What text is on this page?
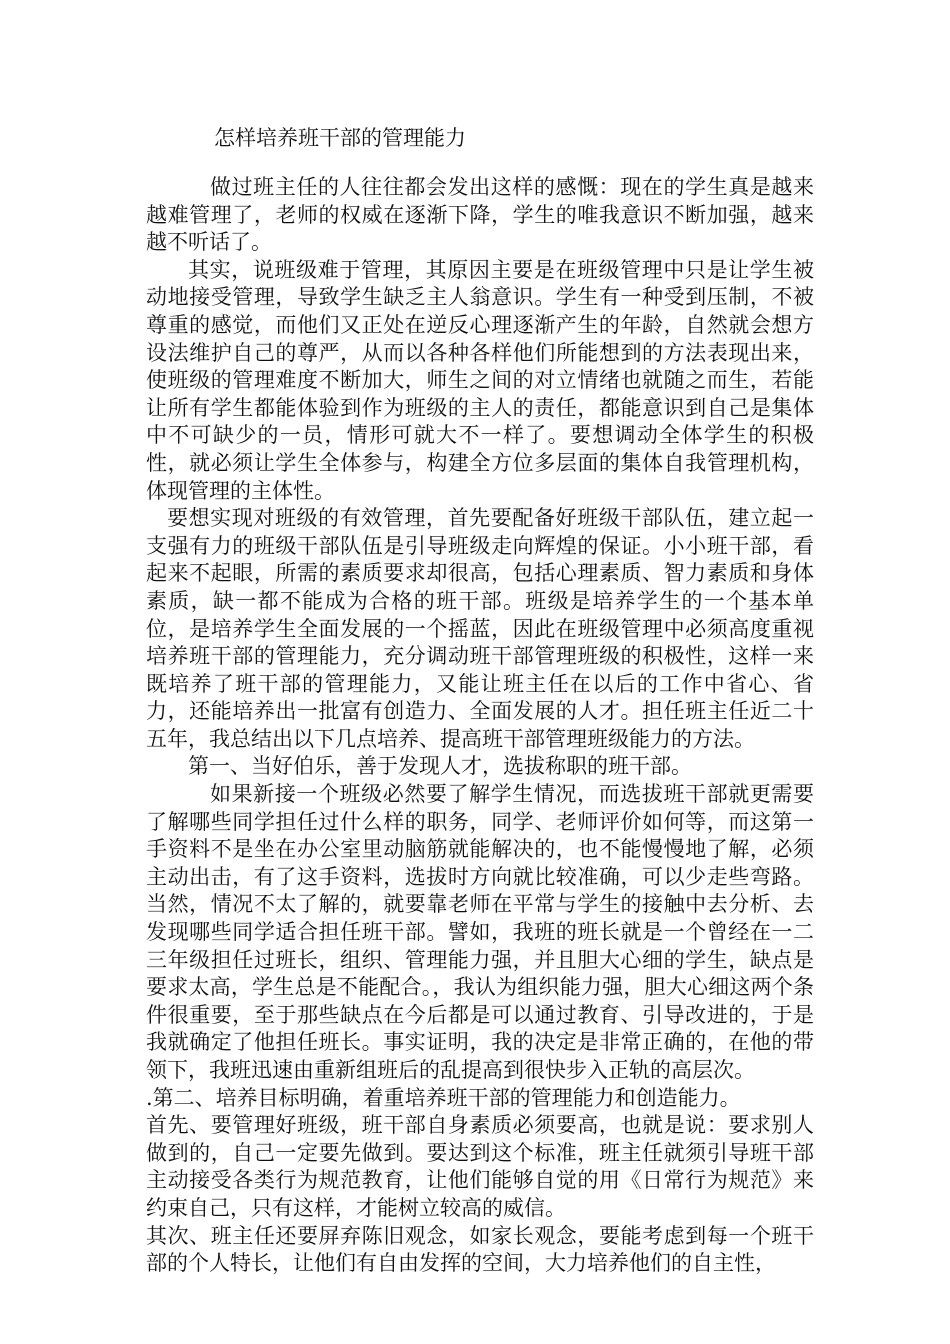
怎样培养班干部的管理能力

做过班主任的人往往都会发出这样的感慨：现在的学生真是越来越难管理了，老师的权威在逐渐下降，学生的唯我意识不断加强，越来越不听话了。

其实，说班级难于管理，其原因主要是在班级管理中只是让学生被动地接受管理，导致学生缺乏主人翁意识。学生有一种受到压制，不被尊重的感觉，而他们又正处在逆反心理逐渐产生的年龄，自然就会想方设法维护自己的尊严，从而以各种各样他们所能想到的方法表现出来，使班级的管理难度不断加大，师生之间的对立情绪也就随之而生，若能让所有学生都能体验到作为班级的主人的责任，都能意识到自己是集体中不可缺少的一员，情形可就大不一样了。要想调动全体学生的积极性，就必须让学生全体参与，构建全方位多层面的集体自我管理机构，体现管理的主体性。

要想实现对班级的有效管理，首先要配备好班级干部队伍，建立起一支强有力的班级干部队伍是引导班级走向辉煌的保证。小小班干部，看起来不起眼，所需的素质要求却很高，包括心理素质、智力素质和身体素质，缺一都不能成为合格的班干部。班级是培养学生的一个基本单位，是培养学生全面发展的一个摇蓝，因此在班级管理中必须高度重视培养班干部的管理能力，充分调动班干部管理班级的积极性，这样一来既培养了班干部的管理能力，又能让班主任在以后的工作中省心、省力，还能培养出一批富有创造力、全面发展的人才。担任班主任近二十五年，我总结出以下几点培养、提高班干部管理班级能力的方法。

第一、当好伯乐，善于发现人才，选拔称职的班干部。

如果新接一个班级必然要了解学生情况，而选拔班干部就更需要了解哪些同学担任过什么样的职务，同学、老师评价如何等，而这第一手资料不是坐在办公室里动脑筋就能解决的，也不能慢慢地了解，必须主动出击，有了这手资料，选拔时方向就比较准确，可以少走些弯路。当然，情况不太了解的，就要靠老师在平常与学生的接触中去分析、去发现哪些同学适合担任班干部。譬如，我班的班长就是一个曾经在一二三年级担任过班长，组织、管理能力强，并且胆大心细的学生，缺点是要求太高，学生总是不能配合。，我认为组织能力强，胆大心细这两个条件很重要，至于那些缺点在今后都是可以通过教育、引导改进的，于是我就确定了他担任班长。事实证明，我的决定是非常正确的，在他的带领下，我班迅速由重新组班后的乱提高到很快步入正轨的高层次。

.第二、培养目标明确，着重培养班干部的管理能力和创造能力。

首先、要管理好班级，班干部自身素质必须要高，也就是说：要求别人做到的，自己一定要先做到。要达到这个标准，班主任就须引导班干部主动接受各类行为规范教育，让他们能够自觉的用《日常行为规范》来约束自己，只有这样，才能树立较高的威信。

其次、班主任还要屏弃陈旧观念，如家长观念，要能考虑到每一个班干部的个人特长，让他们有自由发挥的空间，大力培养他们的自主性，
